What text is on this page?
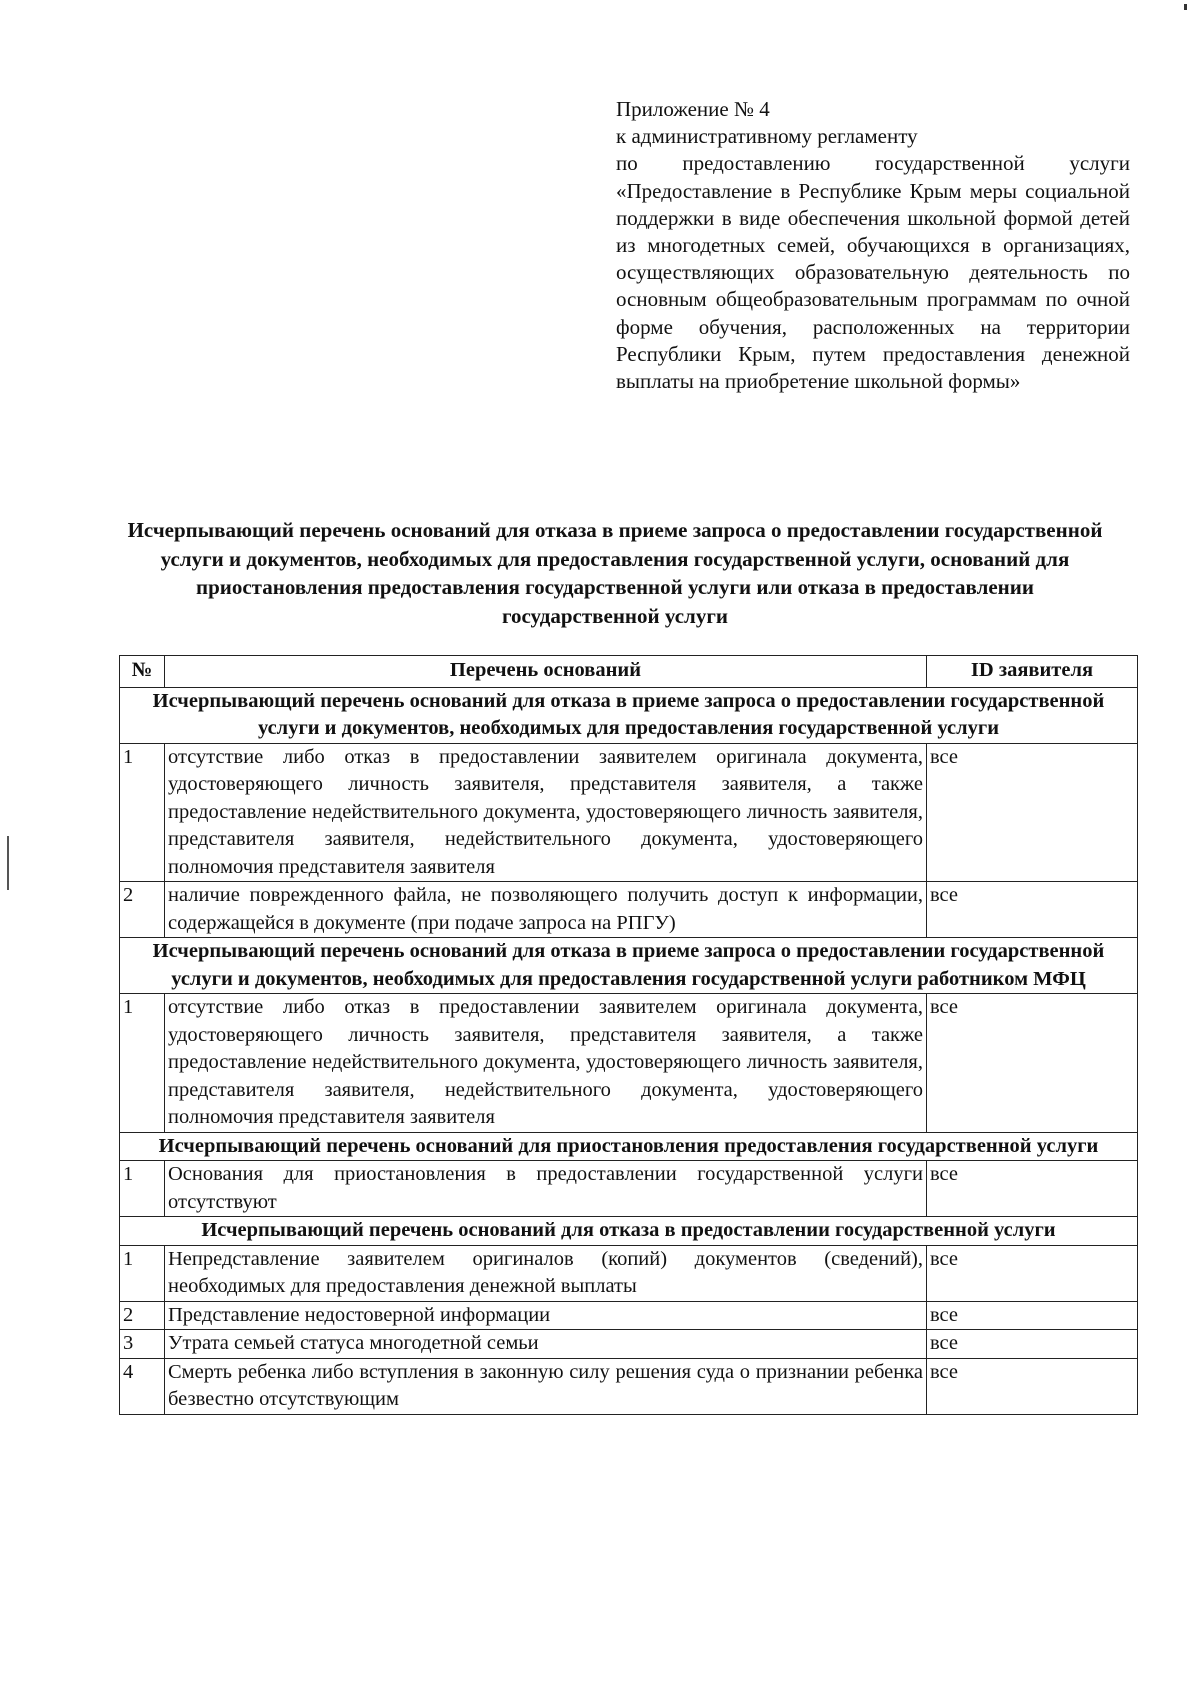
Приложение № 4

к административному регламенту

по предоставлению государственной услуги «Предоставление в Республике Крым меры социальной поддержки в виде обеспечения школьной формой детей из многодетных семей, обучающихся в организациях, осуществляющих образовательную деятельность по основным общеобразовательным программам по очной форме обучения, расположенных на территории Республики Крым, путем предоставления денежной выплаты на приобретение школьной формы»

Исчерпывающий перечень оснований для отказа в приеме запроса о предоставлении государственной услуги и документов, необходимых для предоставления государственной услуги, оснований для приостановления предоставления государственной услуги или отказа в предоставлении государственной услуги

№	Перечень оснований	ID заявителя
Исчерпывающий перечень оснований для отказа в приеме запроса о предоставлении государственной услуги и документов, необходимых для предоставления государственной услуги		
1	отсутствие либо отказ в предоставлении заявителем оригинала документа, удостоверяющего личность заявителя, представителя заявителя, а также предоставление недействительного документа, удостоверяющего личность заявителя, представителя заявителя, недействительного документа, удостоверяющего полномочия представителя заявителя	все
2	наличие поврежденного файла, не позволяющего получить доступ к информации, содержащейся в документе (при подаче запроса на РПГУ)	все
Исчерпывающий перечень оснований для отказа в приеме запроса о предоставлении государственной услуги и документов, необходимых для предоставления государственной услуги работником МФЦ		
1	отсутствие либо отказ в предоставлении заявителем оригинала документа, удостоверяющего личность заявителя, представителя заявителя, а также предоставление недействительного документа, удостоверяющего личность заявителя, представителя заявителя, недействительного документа, удостоверяющего полномочия представителя заявителя	все
Исчерпывающий перечень оснований для приостановления предоставления государственной услуги		
1	Основания для приостановления в предоставлении государственной услуги отсутствуют	все
Исчерпывающий перечень оснований для отказа в предоставлении государственной услуги		
1	Непредставление заявителем оригиналов (копий) документов (сведений), необходимых для предоставления денежной выплаты	все
2	Представление недостоверной информации	все
3	Утрата семьей статуса многодетной семьи	все
4	Смерть ребенка либо вступления в законную силу решения суда о признании ребенка безвестно отсутствующим	все
